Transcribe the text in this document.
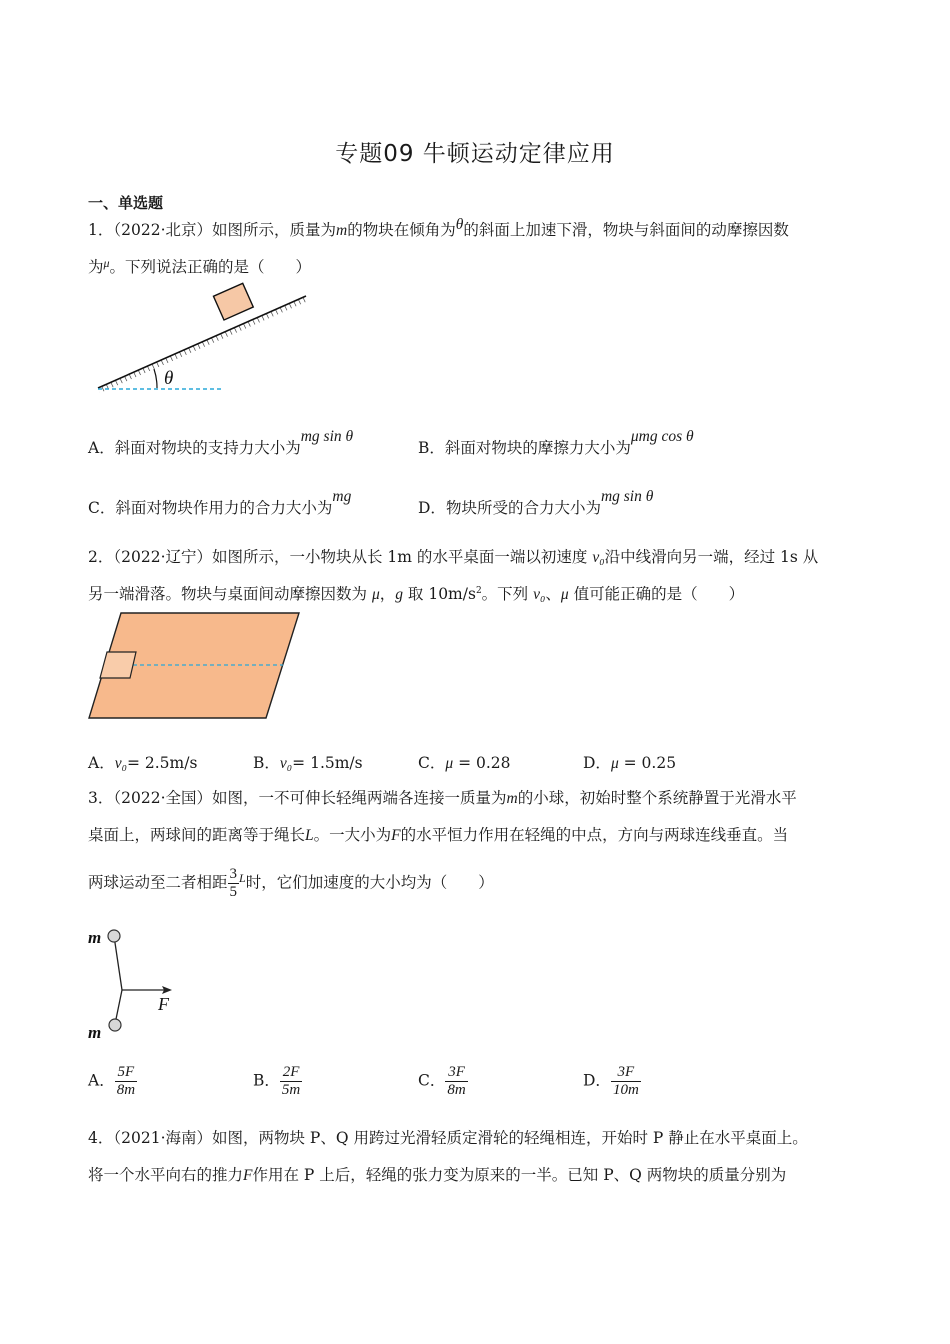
专题09 牛顿运动定律应用
一、单选题
1．（2022·北京）如图所示，质量为m的物块在倾角为θ的斜面上加速下滑，物块与斜面间的动摩擦因数
为$^\mu$。下列说法正确的是（　　）
θ
A．斜面对物块的支持力大小为mg sin θ
B．斜面对物块的摩擦力大小为μmg cos θ
C．斜面对物块作用力的合力大小为mg
D．物块所受的合力大小为mg sin θ
2．（2022·辽宁）如图所示，一小物块从长 1m 的水平桌面一端以初速度 v₀沿中线滑向另一端，经过 1s 从
另一端滑落。物块与桌面间动摩擦因数为 μ，g 取 $10m/s^2$。下列 v₀、μ 值可能正确的是（　　）
A．v₀= 2.5m/s	B．v₀= 1.5m/s	C．μ = 0.28	D．μ = 0.25
3．（2022·全国）如图，一不可伸长轻绳两端各连接一质量为m的小球，初始时整个系统静置于光滑水平
桌面上，两球间的距离等于绳长L。一大小为F的水平恒力作用在轻绳的中点，方向与两球连线垂直。当
两球运动至二者相距 $\frac{3}{5} ^L$时，它们加速度的大小均为（　　）
m
m
F
A． $\frac{5F}{8m}$	B． $\frac{2F}{5m}$	C． $\frac{3F}{8m}$	D． $\frac{3F}{10m}$
4．（2021·海南）如图，两物块 P、Q 用跨过光滑轻质定滑轮的轻绳相连，开始时 P 静止在水平桌面上。
将一个水平向右的推力F作用在 P 上后，轻绳的张力变为原来的一半。已知 P、Q 两物块的质量分别为
